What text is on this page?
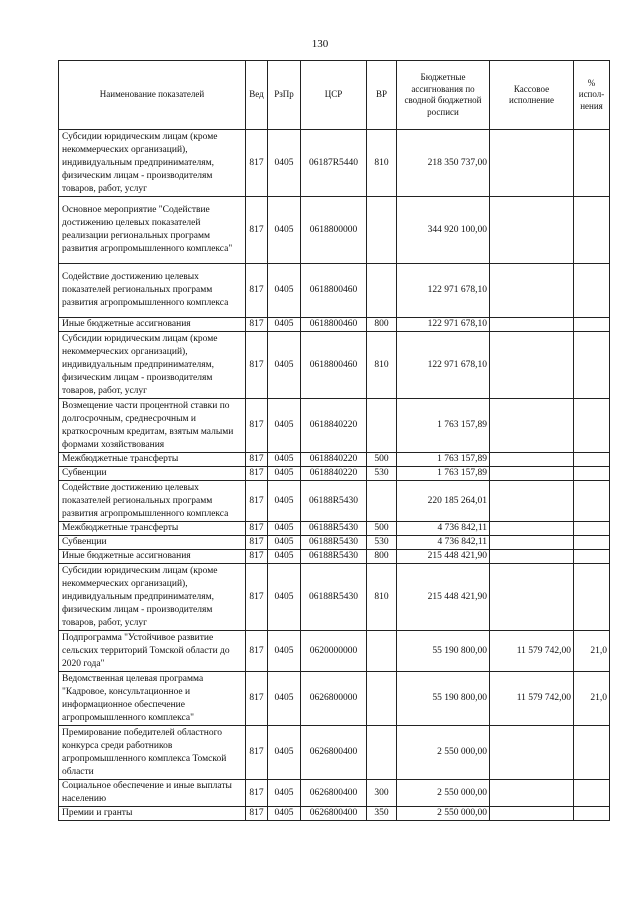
130
Наименование показателей	Вед	РзПр	ЦСР	ВР	Бюджетные ассигнования по сводной бюджетной росписи	Кассовое исполнение	% испол-нения
Субсидии юридическим лицам (кроме некоммерческих организаций), индивидуальным предпринимателям, физическим лицам - производителям товаров, работ, услуг	817	0405	06187R5440	810	218 350 737,00		
Основное мероприятие "Содействие достижению целевых показателей реализации региональных программ развития агропромышленного комплекса"	817	0405	0618800000		344 920 100,00		
Содействие достижению целевых показателей региональных программ развития агропромышленного комплекса	817	0405	0618800460		122 971 678,10		
Иные бюджетные ассигнования	817	0405	0618800460	800	122 971 678,10		
Субсидии юридическим лицам (кроме некоммерческих организаций), индивидуальным предпринимателям, физическим лицам - производителям товаров, работ, услуг	817	0405	0618800460	810	122 971 678,10		
Возмещение части процентной ставки по долгосрочным, среднесрочным и краткосрочным кредитам, взятым малыми формами хозяйствования	817	0405	0618840220		1 763 157,89		
Межбюджетные трансферты	817	0405	0618840220	500	1 763 157,89		
Субвенции	817	0405	0618840220	530	1 763 157,89		
Содействие достижению целевых показателей региональных программ развития агропромышленного комплекса	817	0405	06188R5430		220 185 264,01		
Межбюджетные трансферты	817	0405	06188R5430	500	4 736 842,11		
Субвенции	817	0405	06188R5430	530	4 736 842,11		
Иные бюджетные ассигнования	817	0405	06188R5430	800	215 448 421,90		
Субсидии юридическим лицам (кроме некоммерческих организаций), индивидуальным предпринимателям, физическим лицам - производителям товаров, работ, услуг	817	0405	06188R5430	810	215 448 421,90		
Подпрограмма "Устойчивое развитие сельских территорий Томской области до 2020 года"	817	0405	0620000000		55 190 800,00	11 579 742,00	21,0
Ведомственная целевая программа "Кадровое, консультационное и информационное обеспечение агропромышленного комплекса"	817	0405	0626800000		55 190 800,00	11 579 742,00	21,0
Премирование победителей областного конкурса среди работников агропромышленного комплекса Томской области	817	0405	0626800400		2 550 000,00		
Социальное обеспечение и иные выплаты населению	817	0405	0626800400	300	2 550 000,00		
Премии и гранты	817	0405	0626800400	350	2 550 000,00		
